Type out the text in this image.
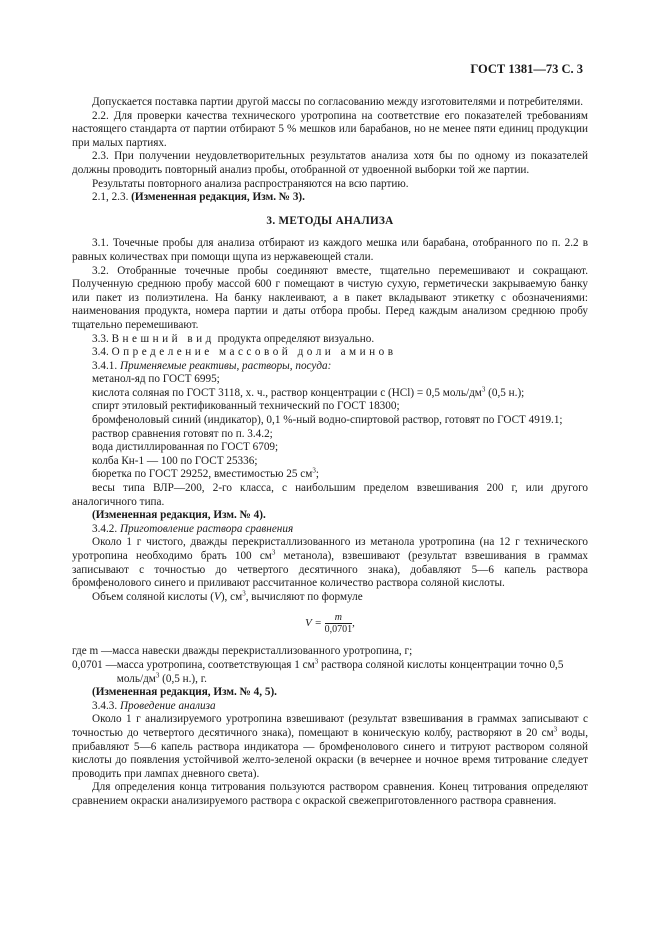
ГОСТ 1381—73 С. 3

Допускается поставка партии другой массы по согласованию между изготовителями и потребителями.

2.2. Для проверки качества технического уротропина на соответствие его показателей требованиям настоящего стандарта от партии отбирают 5 % мешков или барабанов, но не менее пяти единиц продукции при малых партиях.

2.3. При получении неудовлетворительных результатов анализа хотя бы по одному из показателей должны проводить повторный анализ пробы, отобранной от удвоенной выборки той же партии.

Результаты повторного анализа распространяются на всю партию.

2.1, 2.3. (Измененная редакция, Изм. № 3).

3. МЕТОДЫ АНАЛИЗА

3.1. Точечные пробы для анализа отбирают из каждого мешка или барабана, отобранного по п. 2.2 в равных количествах при помощи щупа из нержавеющей стали.

3.2. Отобранные точечные пробы соединяют вместе, тщательно перемешивают и сокращают. Полученную среднюю пробу массой 600 г помещают в чистую сухую, герметически закрываемую банку или пакет из полиэтилена. На банку наклеивают, а в пакет вкладывают этикетку с обозначениями: наименования продукта, номера партии и даты отбора пробы. Перед каждым анализом среднюю пробу тщательно перемешивают.

3.3. Внешний вид продукта определяют визуально.

3.4. Определение массовой доли аминов

3.4.1. Применяемые реактивы, растворы, посуда:

метанол-яд по ГОСТ 6995;

кислота соляная по ГОСТ 3118, х. ч., раствор концентрации с (HCl) = 0,5 моль/$дм^3$ (0,5 н.);

спирт этиловый ректификованный технический по ГОСТ 18300;

бромфеноловый синий (индикатор), 0,1 %-ный водно-спиртовой раствор, готовят по ГОСТ 4919.1;

раствор сравнения готовят по п. 3.4.2;

вода дистиллированная по ГОСТ 6709;

колба Кн-1 — 100 по ГОСТ 25336;

бюретка по ГОСТ 29252, вместимостью 25 $см^3$;

весы типа ВЛР—200, 2-го класса, с наибольшим пределом взвешивания 200 г, или другого аналогичного типа.

(Измененная редакция, Изм. № 4).

3.4.2. Приготовление раствора сравнения

Около 1 г чистого, дважды перекристаллизованного из метанола уротропина (на 12 г технического уротропина необходимо брать 100 $см^3$ метанола), взвешивают (результат взвешивания в граммах записывают с точностью до четвертого десятичного знака), добавляют 5—6 капель раствора бромфенолового синего и приливают рассчитанное количество раствора соляной кислоты.

Объем соляной кислоты (V), $см^3$, вычисляют по формуле

$V = \frac{m}{0,0701}$ ,
где m — масса навески дважды перекристаллизованного уротропина, г;
0,0701 — масса уротропина, соответствующая 1 $см^3$ раствора соляной кислоты концентрации точно 0,5 моль/$дм^3$ (0,5 н.), г.

(Измененная редакция, Изм. № 4, 5).

3.4.3. Проведение анализа

Около 1 г анализируемого уротропина взвешивают (результат взвешивания в граммах записывают с точностью до четвертого десятичного знака), помещают в коническую колбу, растворяют в 20 $см^3$ воды, прибавляют 5—6 капель раствора индикатора — бромфенолового синего и титруют раствором соляной кислоты до появления устойчивой желто-зеленой окраски (в вечернее и ночное время титрование следует проводить при лампах дневного света).

Для определения конца титрования пользуются раствором сравнения. Конец титрования определяют сравнением окраски анализируемого раствора с окраской свежеприготовленного раствора сравнения.
